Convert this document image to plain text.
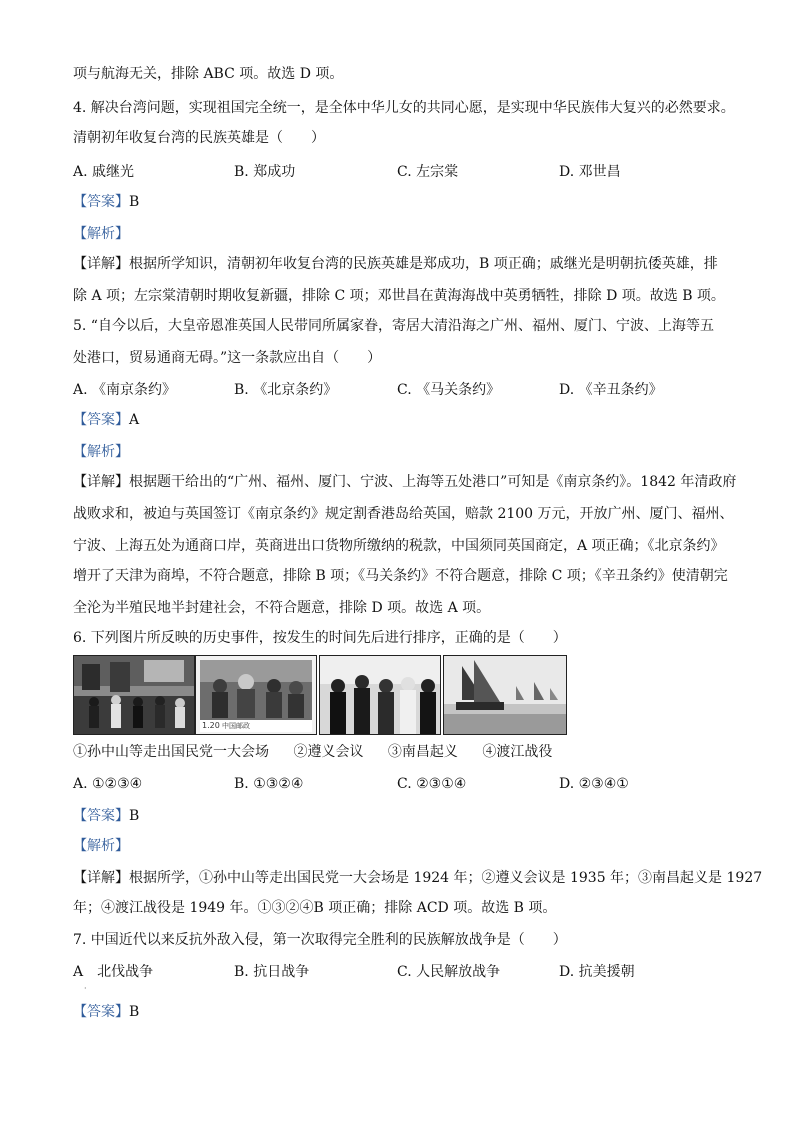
项与航海无关，排除 ABC 项。故选 D 项。
4. 解决台湾问题，实现祖国完全统一，是全体中华儿女的共同心愿，是实现中华民族伟大复兴的必然要求。
清朝初年收复台湾的民族英雄是（　　）
A. 戚继光	B. 郑成功	C. 左宗棠	D. 邓世昌
【答案】B
【解析】
【详解】根据所学知识，清朝初年收复台湾的民族英雄是郑成功，B 项正确；戚继光是明朝抗倭英雄，排
除 A 项；左宗棠清朝时期收复新疆，排除 C 项；邓世昌在黄海海战中英勇牺牲，排除 D 项。故选 B 项。
5. “自今以后，大皇帝恩准英国人民带同所属家眷，寄居大清沿海之广州、福州、厦门、宁波、上海等五
处港口，贸易通商无碍。”这一条款应出自（　　）
A. 《南京条约》	B. 《北京条约》	C. 《马关条约》	D. 《辛丑条约》
【答案】A
【解析】
【详解】根据题干给出的“广州、福州、厦门、宁波、上海等五处港口”可知是《南京条约》。1842 年清政府
战败求和，被迫与英国签订《南京条约》规定割香港岛给英国，赔款 2100 万元，开放广州、厦门、福州、
宁波、上海五处为通商口岸，英商进出口货物所缴纳的税款，中国须同英国商定，A 项正确；《北京条约》
增开了天津为商埠，不符合题意，排除 B 项；《马关条约》不符合题意，排除 C 项；《辛丑条约》使清朝完
全沦为半殖民地半封建社会，不符合题意，排除 D 项。故选 A 项。
6. 下列图片所反映的历史事件，按发生的时间先后进行排序，正确的是（　　）
1.20 中国邮政
①孙中山等走出国民党一大会场 ②遵义会议 ③南昌起义 ④渡江战役
A. ①②③④	B. ①③②④	C. ②③①④	D. ②③④①
【答案】B
【解析】
【详解】根据所学，①孙中山等走出国民党一大会场是 1924 年；②遵义会议是 1935 年；③南昌起义是 1927
年；④渡江战役是 1949 年。①③②④B 项正确；排除 ACD 项。故选 B 项。
7. 中国近代以来反抗外敌入侵，第一次取得完全胜利的民族解放战争是（　　）
A　北伐战争	B. 抗日战争	C. 人民解放战争	D. 抗美援朝
·
【答案】B
